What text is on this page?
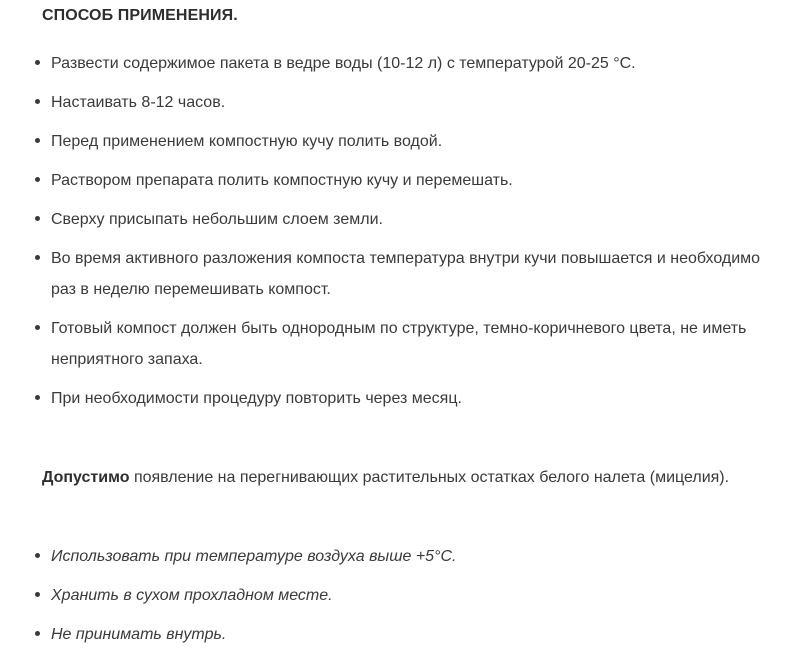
СПОСОБ ПРИМЕНЕНИЯ.
Развести содержимое пакета в ведре воды (10-12 л) с температурой 20-25 °С.
Настаивать 8-12 часов.
Перед применением компостную кучу полить водой.
Раствором препарата полить компостную кучу и перемешать.
Сверху присыпать небольшим слоем земли.
Во время активного разложения компоста температура внутри кучи повышается и необходимо раз в неделю перемешивать компост.
Готовый компост должен быть однородным по структуре, темно-коричневого цвета, не иметь неприятного запаха.
При необходимости процедуру повторить через месяц.
Допустимо появление на перегнивающих растительных остатках белого налета (мицелия).
Использовать при температуре воздуха выше +5°С.
Хранить в сухом прохладном месте.
Не принимать внутрь.
